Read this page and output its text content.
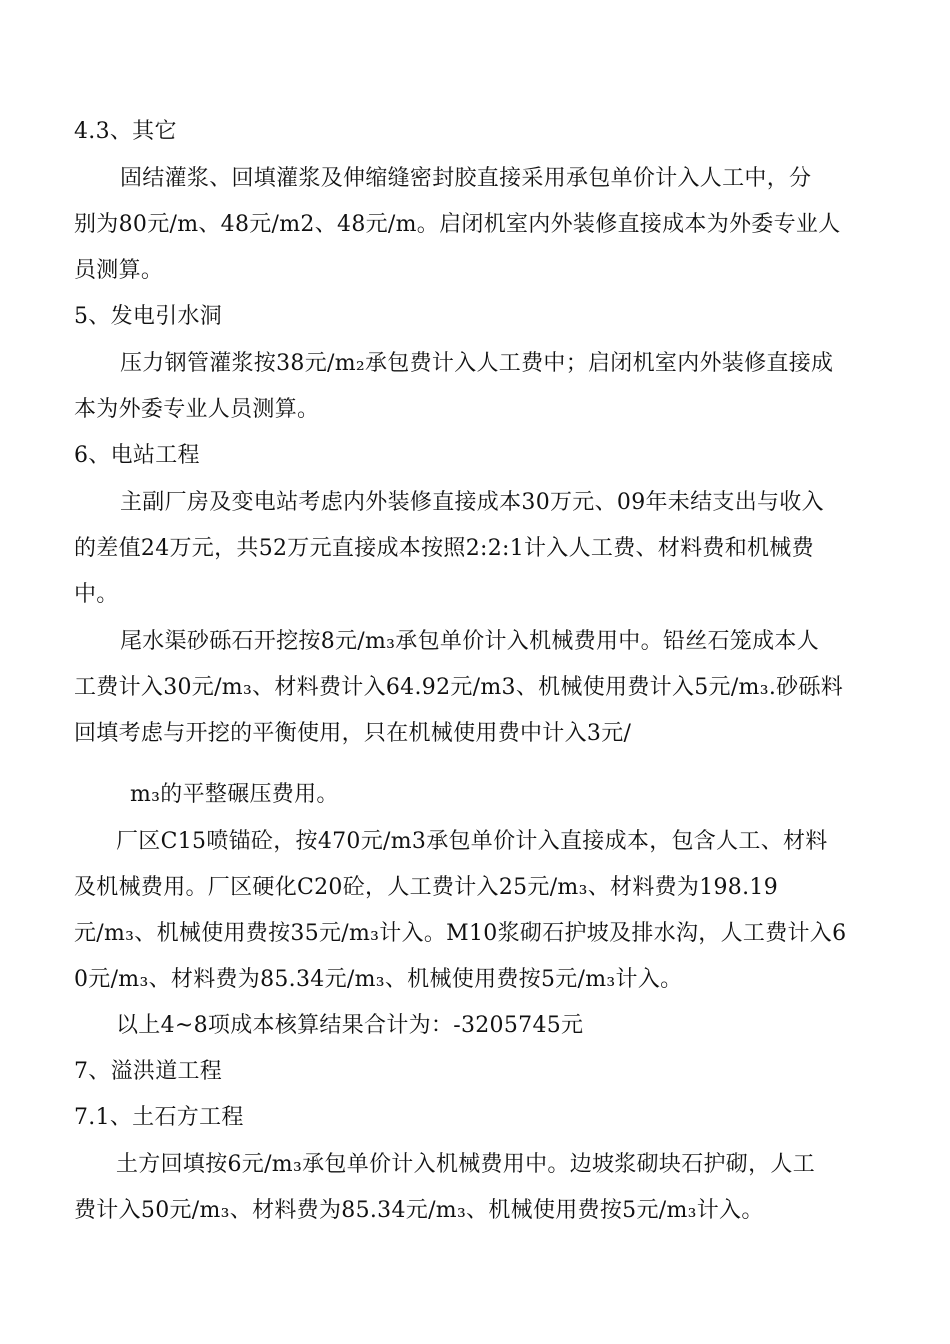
4.3、其它
固结灌浆、回填灌浆及伸缩缝密封胶直接采用承包单价计入人工中，分
别为80元/m、48元/m2、48元/m。启闭机室内外装修直接成本为外委专业人
员测算。
5、发电引水洞
压力钢管灌浆按38元/m₂承包费计入人工费中；启闭机室内外装修直接成
本为外委专业人员测算。
6、电站工程
主副厂房及变电站考虑内外装修直接成本30万元、09年未结支出与收入
的差值24万元，共52万元直接成本按照2:2:1计入人工费、材料费和机械费
中。
尾水渠砂砾石开挖按8元/m₃承包单价计入机械费用中。铅丝石笼成本人
工费计入30元/m₃、材料费计入64.92元/m3、机械使用费计入5元/m₃.砂砾料
回填考虑与开挖的平衡使用，只在机械使用费中计入3元/
m₃的平整碾压费用。
厂区C15喷锚砼，按470元/m3承包单价计入直接成本，包含人工、材料
及机械费用。厂区硬化C20砼，人工费计入25元/m₃、材料费为198.19
元/m₃、机械使用费按35元/m₃计入。M10浆砌石护坡及排水沟，人工费计入6
0元/m₃、材料费为85.34元/m₃、机械使用费按5元/m₃计入。
以上4~8项成本核算结果合计为：-3205745元
7、溢洪道工程
7.1、土石方工程
土方回填按6元/m₃承包单价计入机械费用中。边坡浆砌块石护砌，人工
费计入50元/m₃、材料费为85.34元/m₃、机械使用费按5元/m₃计入。
